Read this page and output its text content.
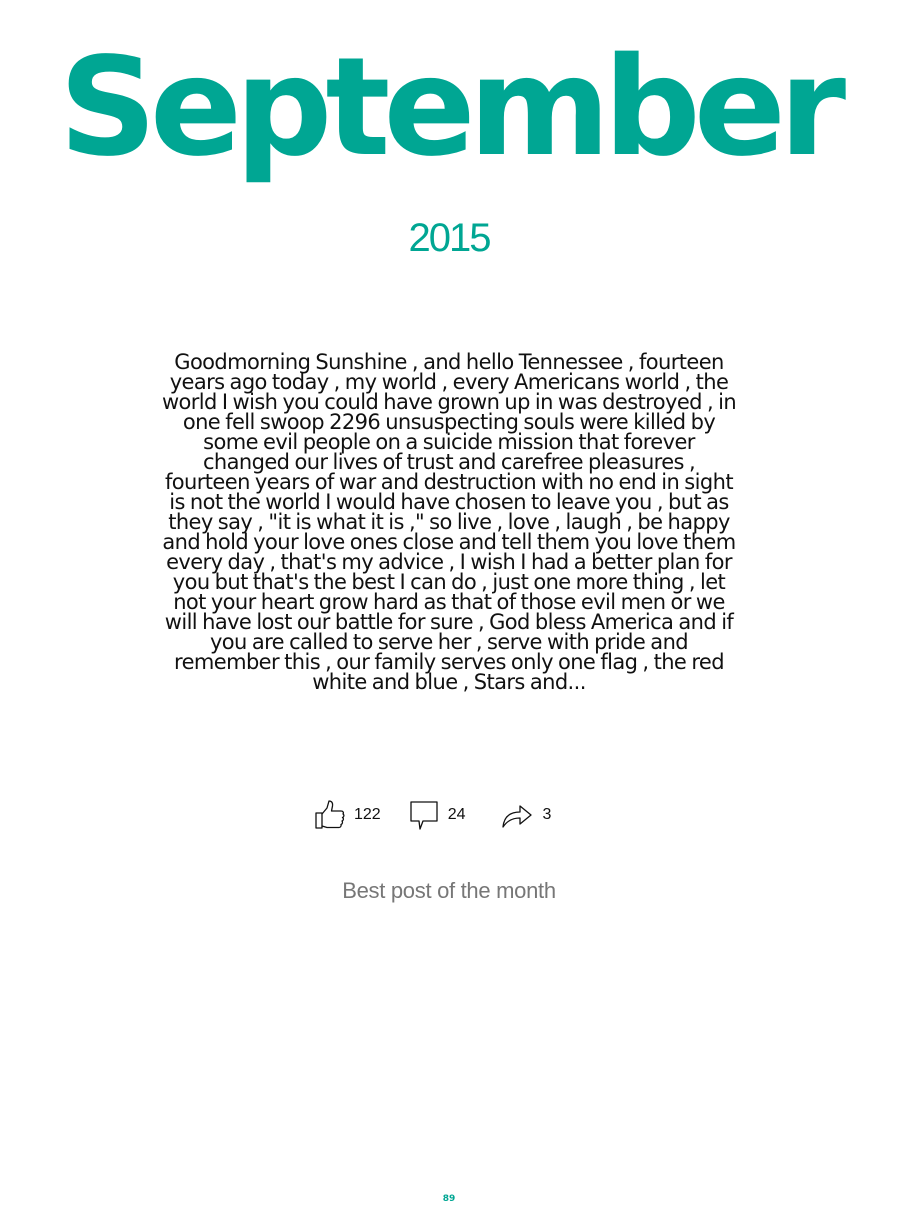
September
2015
Goodmorning Sunshine , and hello Tennessee , fourteen years ago today , my world , every Americans world , the world I wish you could have grown up in was destroyed , in one fell swoop 2296 unsuspecting souls were killed by some evil people on a suicide mission that forever changed our lives of trust and carefree pleasures , fourteen years of war and destruction with no end in sight is not the world I would have chosen to leave you , but as they say , "it is what it is ," so live , love , laugh , be happy and hold your love ones close and tell them you love them every day , that's my advice , I wish I had a better plan for you but that's the best I can do , just one more thing , let not your heart grow hard as that of those evil men or we will have lost our battle for sure , God bless America and if you are called to serve her , serve with pride and remember this , our family serves only one flag , the red white and blue , Stars and...
122	24	3
Best post of the month
89
